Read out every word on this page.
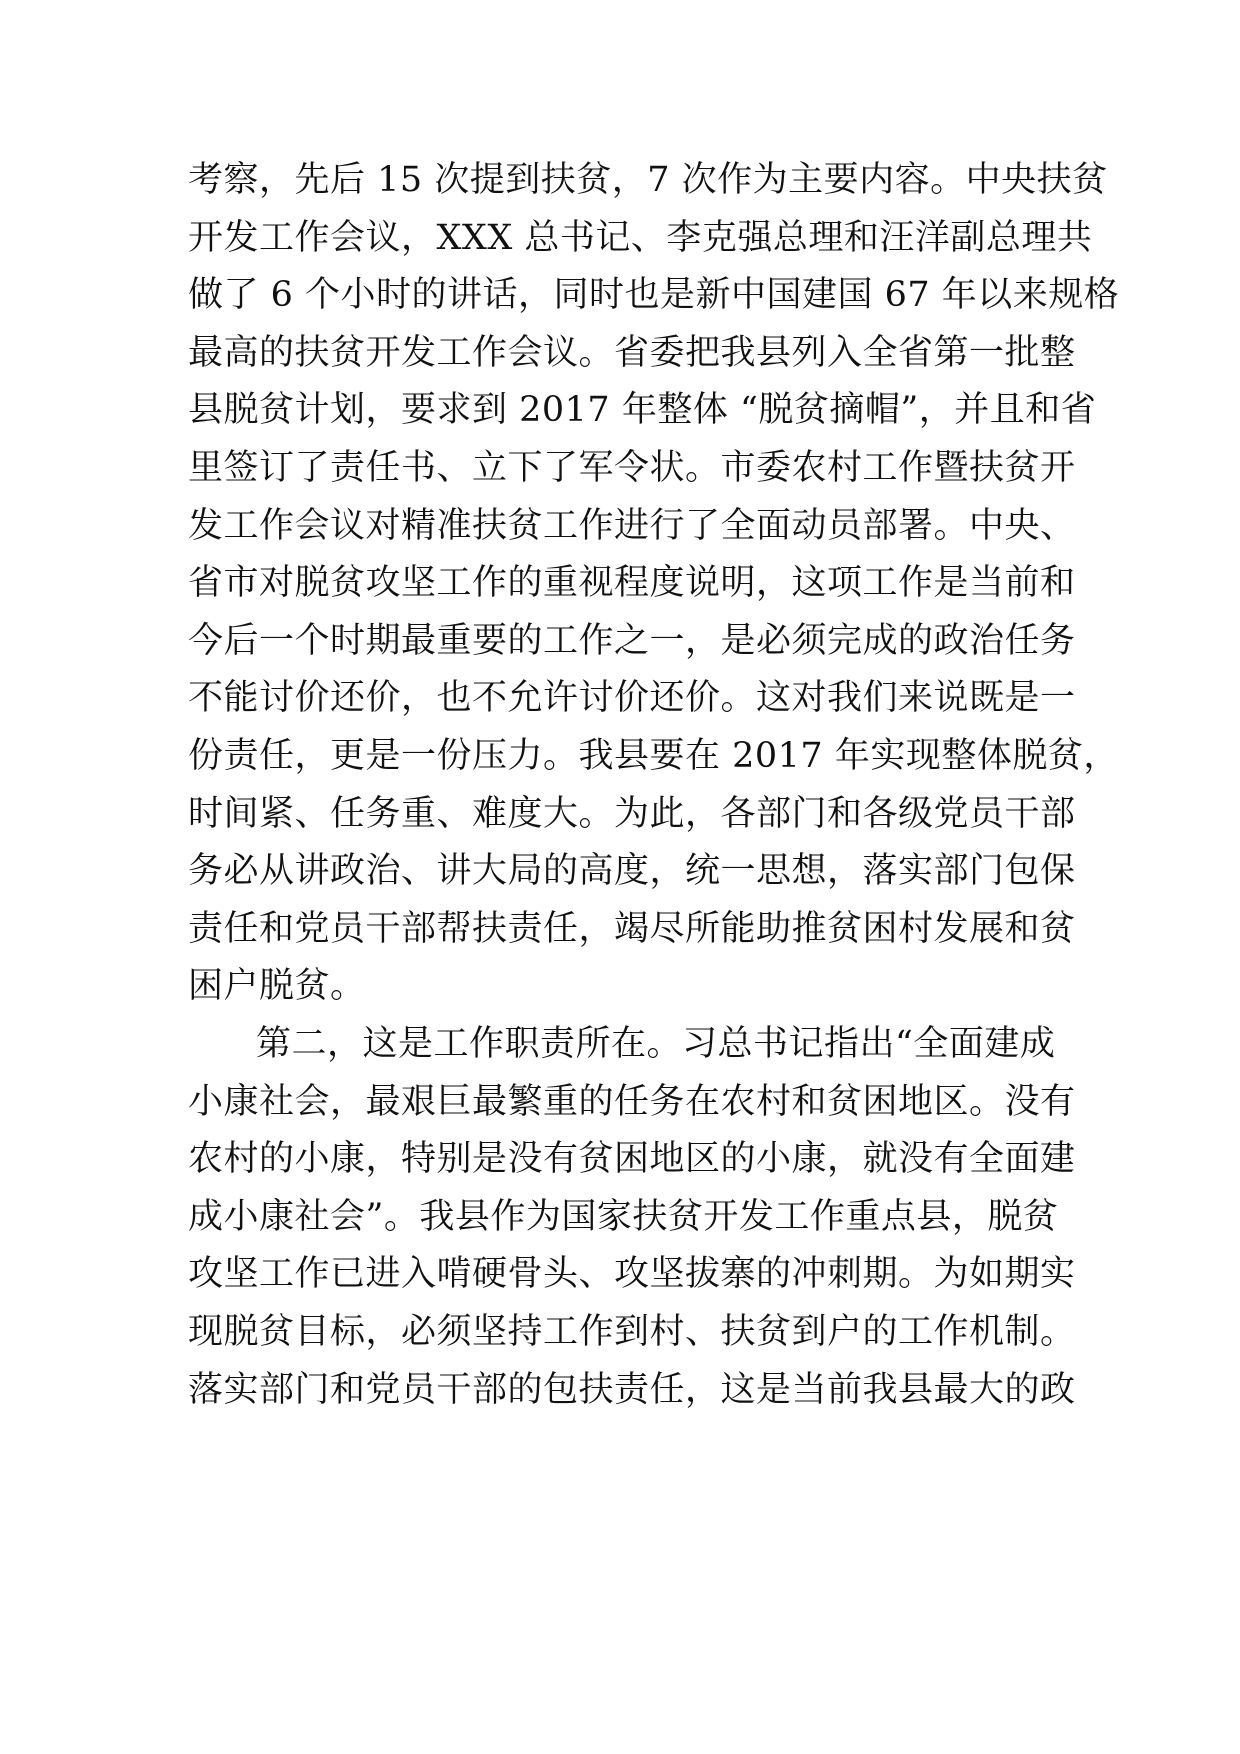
考察，先后 15 次提到扶贫，7 次作为主要内容。中央扶贫
开发工作会议，XXX 总书记、李克强总理和汪洋副总理共
做了 6 个小时的讲话，同时也是新中国建国 67 年以来规格
最高的扶贫开发工作会议。省委把我县列入全省第一批整
县脱贫计划，要求到 2017 年整体 “脱贫摘帽”，并且和省
里签订了责任书、立下了军令状。市委农村工作暨扶贫开
发工作会议对精准扶贫工作进行了全面动员部署。中央、
省市对脱贫攻坚工作的重视程度说明，这项工作是当前和
今后一个时期最重要的工作之一，是必须完成的政治任务
不能讨价还价，也不允许讨价还价。这对我们来说既是一
份责任，更是一份压力。我县要在 2017 年实现整体脱贫，
时间紧、任务重、难度大。为此，各部门和各级党员干部
务必从讲政治、讲大局的高度，统一思想，落实部门包保
责任和党员干部帮扶责任，竭尽所能助推贫困村发展和贫
困户脱贫。
第二，这是工作职责所在。习总书记指出“全面建成
小康社会，最艰巨最繁重的任务在农村和贫困地区。没有
农村的小康，特别是没有贫困地区的小康，就没有全面建
成小康社会”。我县作为国家扶贫开发工作重点县，脱贫
攻坚工作已进入啃硬骨头、攻坚拔寨的冲刺期。为如期实
现脱贫目标，必须坚持工作到村、扶贫到户的工作机制。
落实部门和党员干部的包扶责任，这是当前我县最大的政
